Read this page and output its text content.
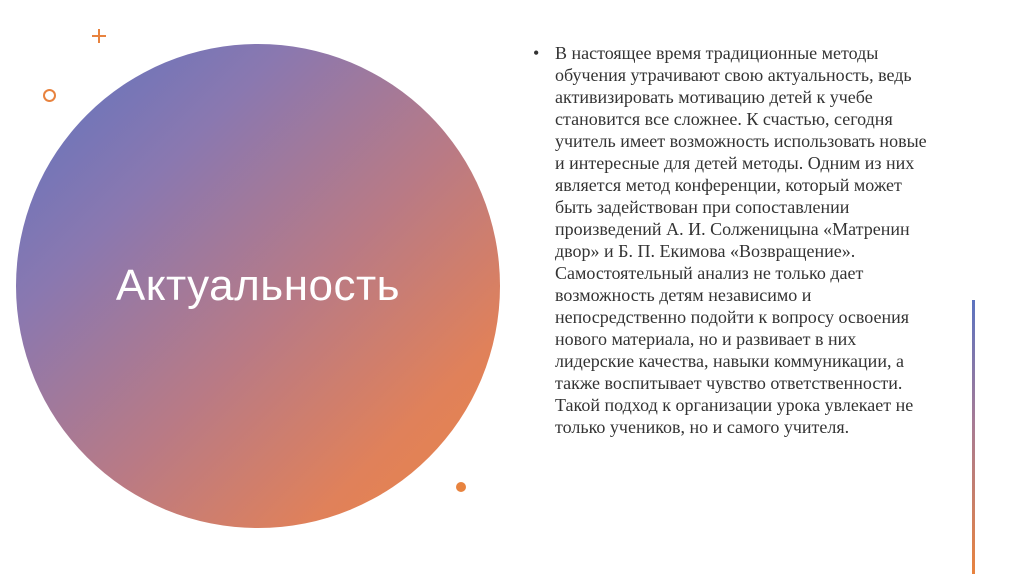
Актуальность
• В настоящее время традиционные методы обучения утрачивают свою актуальность, ведь активизировать мотивацию детей к учебе становится все сложнее. К счастью, сегодня учитель имеет возможность использовать новые и интересные для детей методы. Одним из них является метод конференции, который может быть задействован при сопоставлении произведений А. И. Солженицына «Матренин двор» и Б. П. Екимова «Возвращение». Самостоятельный анализ не только дает возможность детям независимо и непосредственно подойти к вопросу освоения нового материала, но и развивает в них лидерские качества, навыки коммуникации, а также воспитывает чувство ответственности. Такой подход к организации урока увлекает не только учеников, но и самого учителя.
